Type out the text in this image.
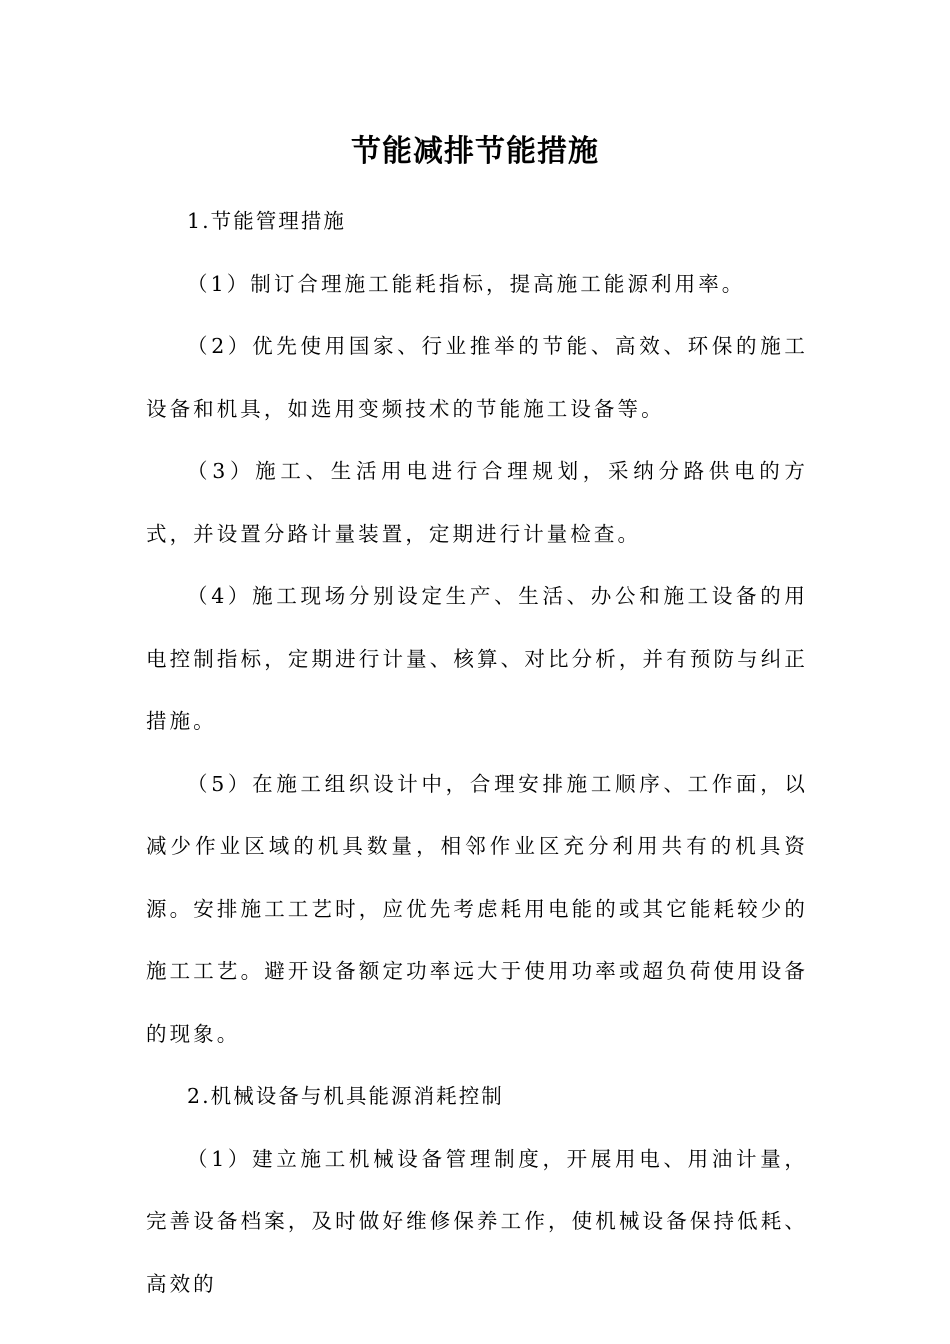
节能减排节能措施

1.节能管理措施

（1）制订合理施工能耗指标，提高施工能源利用率。

（2）优先使用国家、行业推举的节能、高效、环保的施工设备和机具，如选用变频技术的节能施工设备等。

（3）施工、生活用电进行合理规划，采纳分路供电的方式，并设置分路计量装置，定期进行计量检查。

（4）施工现场分别设定生产、生活、办公和施工设备的用电控制指标，定期进行计量、核算、对比分析，并有预防与纠正措施。

（5）在施工组织设计中，合理安排施工顺序、工作面，以减少作业区域的机具数量，相邻作业区充分利用共有的机具资源。安排施工工艺时，应优先考虑耗用电能的或其它能耗较少的施工工艺。避开设备额定功率远大于使用功率或超负荷使用设备的现象。

2.机械设备与机具能源消耗控制

（1）建立施工机械设备管理制度，开展用电、用油计量，完善设备档案，及时做好维修保养工作，使机械设备保持低耗、高效的
